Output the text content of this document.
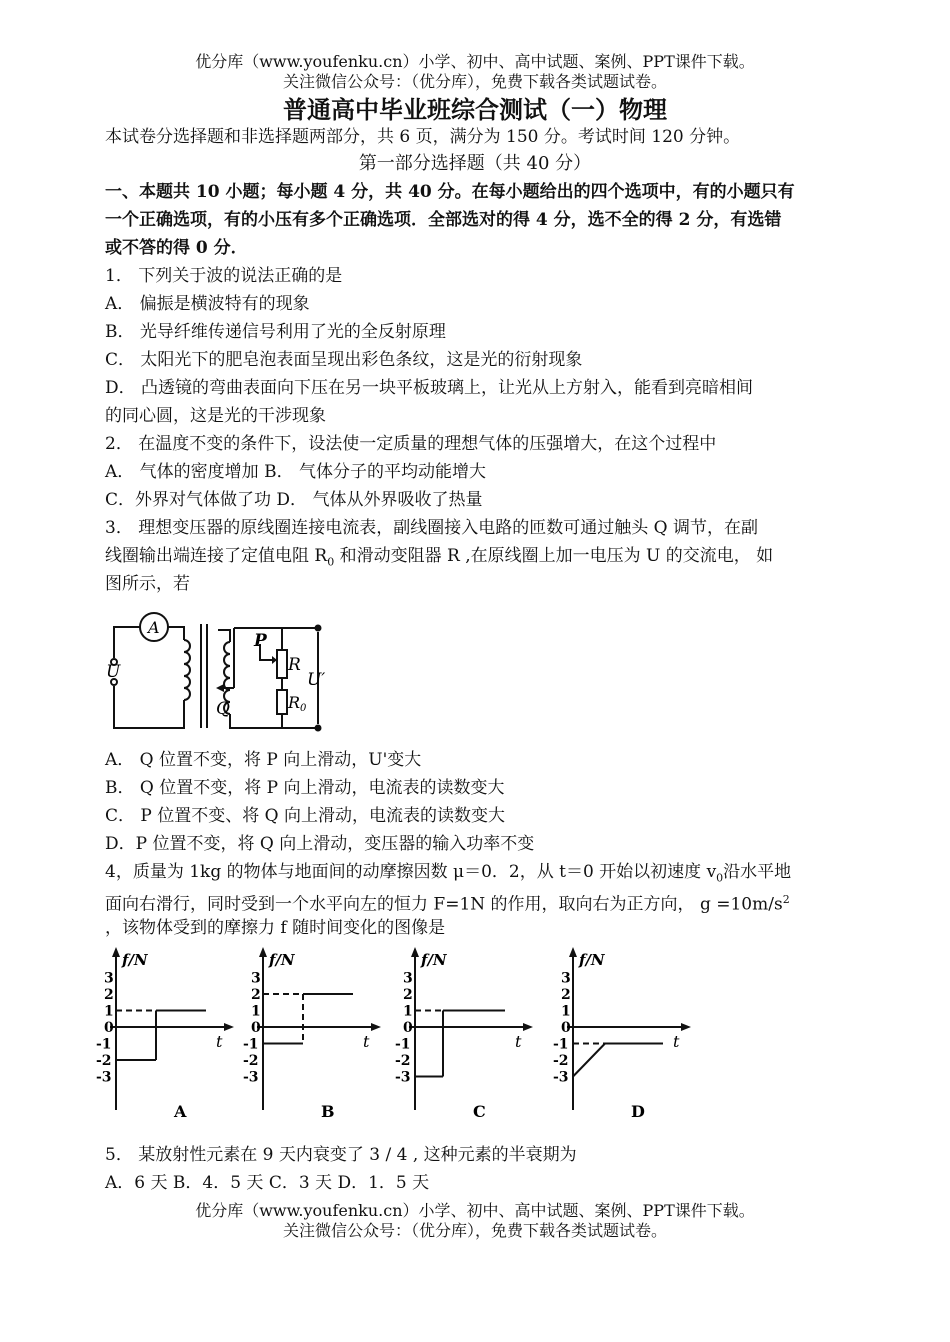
优分库（www.youfenku.cn）小学、初中、高中试题、案例、PPT课件下载。
关注微信公众号：（优分库），免费下载各类试题试卷。
普通高中毕业班综合测试（一）物理
本试卷分选择题和非选择题两部分，共 6 页，满分为 150 分。考试时间 120 分钟。
第一部分选择题（共 40 分）
一、本题共 10 小题；每小题 4 分，共 40 分。在每小题给出的四个选项中，有的小题只有
一个正确选项，有的小压有多个正确选项．全部选对的得 4 分，选不全的得 2 分，有选错
或不答的得 0 分．
1． 下列关于波的说法正确的是
A． 偏振是横波特有的现象
B． 光导纤维传递信号利用了光的全反射原理
C． 太阳光下的肥皂泡表面呈现出彩色条纹，这是光的衍射现象
D． 凸透镜的弯曲表面向下压在另一块平板玻璃上，让光从上方射入，能看到亮暗相间
的同心圆，这是光的干涉现象
2． 在温度不变的条件下，设法使一定质量的理想气体的压强增大，在这个过程中
A． 气体的密度增加 B． 气体分子的平均动能增大
C．外界对气体做了功 D． 气体从外界吸收了热量
3． 理想变压器的原线圈连接电流表，副线圈接入电路的匝数可通过触头 Q 调节，在副
线圈输出端连接了定值电阻 $R_0$ 和滑动变阻器 R ,在原线圈上加一电压为 U 的交流电， 如
图所示，若
A
U
P
R
R0
Q
U′
A． Q 位置不变，将 P 向上滑动，U'变大
B． Q 位置不变，将 P 向上滑动，电流表的读数变大
C． P 位置不变、将 Q 向上滑动，电流表的读数变大
D．P 位置不变，将 Q 向上滑动，变压器的输入功率不变
4，质量为 1kg 的物体与地面间的动摩擦因数 μ＝0．2，从 t＝0 开始以初速度 $v_0$沿水平地
面向右滑行，同时受到一个水平向左的恒力 F=1N 的作用，取向右为正方向， $g =10m/s^2$
，该物体受到的摩擦力 f 随时间变化的图像是
f/N
t
3
2
1
0
-1
-2
-3
A
f/N
t
3
2
1
0
-1
-2
-3
B
f/N
t
3
2
1
0
-1
-2
-3
C
f/N
t
3
2
1
0
-1
-2
-3
D
5． 某放射性元素在 9 天内衰变了 3 / 4 , 这种元素的半衰期为
A．6 天 B．4．5 天 C．3 天 D．1．5 天
优分库（www.youfenku.cn）小学、初中、高中试题、案例、PPT课件下载。
关注微信公众号：（优分库），免费下载各类试题试卷。
